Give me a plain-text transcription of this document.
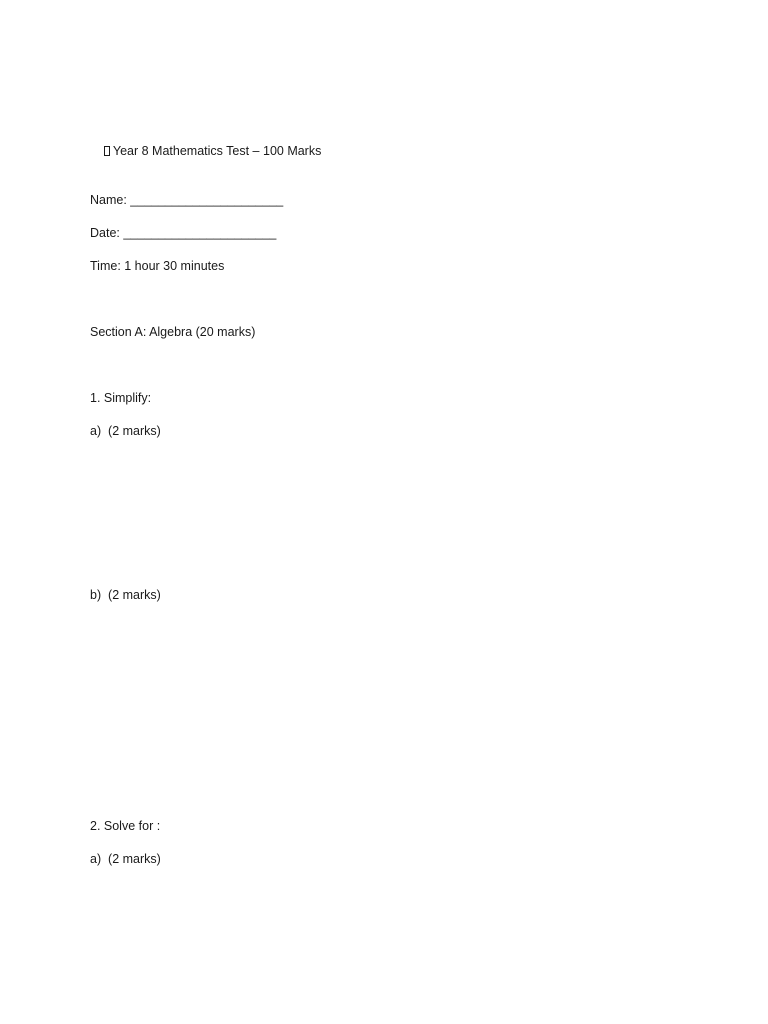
Year 8 Mathematics Test – 100 Marks

Name: ______________________
Date: ______________________
Time: 1 hour 30 minutes
Section A: Algebra (20 marks)
1. Simplify:
a)  (2 marks)
b)  (2 marks)
2. Solve for :
a)  (2 marks)
